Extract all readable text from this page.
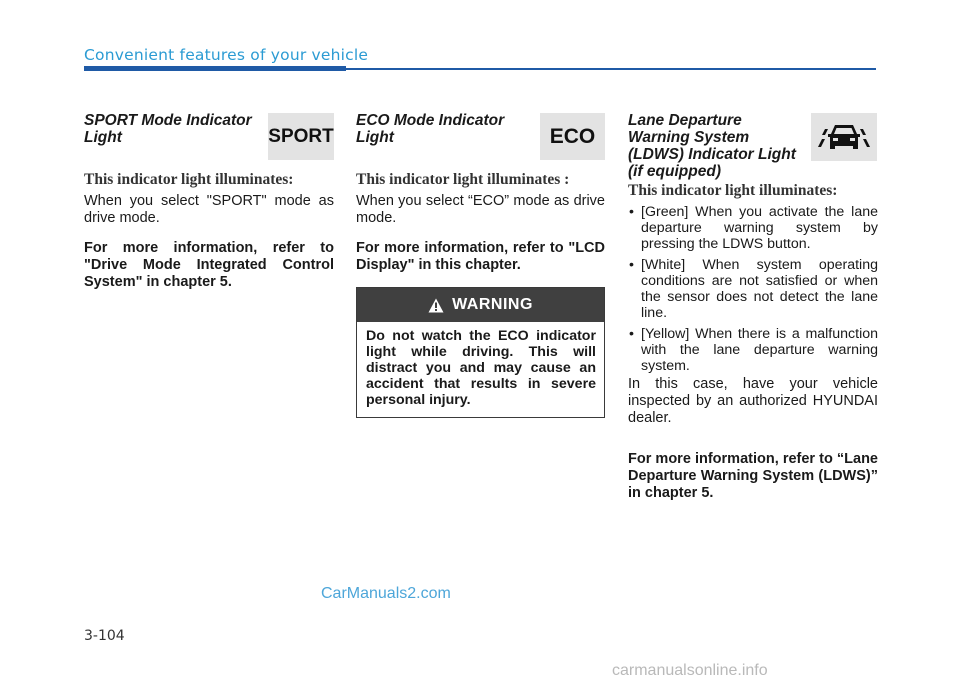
Convenient features of your vehicle
SPORT Mode Indicator
Light	SPORT
This indicator light illuminates:
When you select "SPORT" mode as drive mode.
For more information, refer to "Drive Mode Integrated Control System" in chapter 5.
ECO Mode Indicator
Light	ECO
This indicator light illuminates :
When you select “ECO” mode as drive mode.
For more information, refer to "LCD Display" in this chapter.
WARNING
Do not watch the ECO indicator light while driving. This will distract you and may cause an accident that results in severe personal injury.
Lane Departure
Warning System
(LDWS) Indicator Light
(if equipped)
This indicator light illuminates:
• [Green] When you activate the lane departure warning system by pressing the LDWS button.
• [White] When system operating conditions are not satisfied or when the sensor does not detect the lane line.
• [Yellow] When there is a malfunction with the lane departure warning system.
In this case, have your vehicle inspected by an authorized HYUNDAI dealer.
For more information, refer to “Lane Departure Warning System (LDWS)” in chapter 5.
CarManuals2.com
3-104
carmanualsonline.info
